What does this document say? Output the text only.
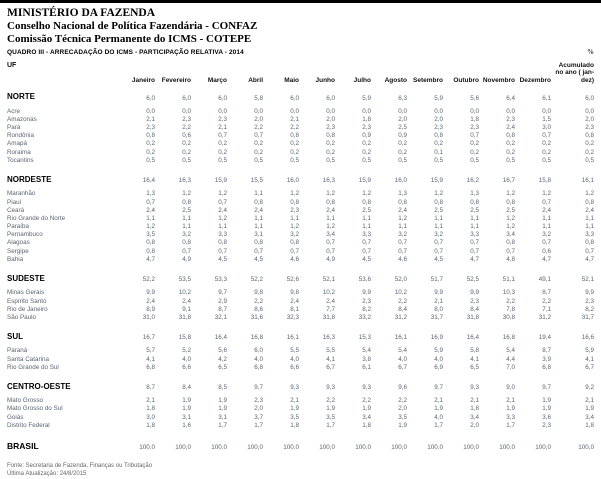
MINISTÉRIO DA FAZENDA
Conselho Nacional de Política Fazendária - CONFAZ
Comissão Técnica Permanente do ICMS - COTEPE
QUADRO III - ARRECADAÇÃO DO ICMS - PARTICIPAÇÃO RELATIVA - 2014	%
UF	Janeiro	Fevereiro	Março	Abril	Maio	Junho	Julho	Agosto	Setembro	Outubro	Novembro	Dezembro	Acumulado no ano ( jan-dez)
NORTE	6,0	6,0	6,0	5,8	6,0	6,0	5,9	6,3	5,9	5,6	6,4	6,1	6,0
Acre	0,0	0,0	0,0	0,0	0,0	0,0	0,0	0,0	0,0	0,0	0,0	0,0	0,0
Amazonas	2,1	2,3	2,3	2,0	2,1	2,0	1,8	2,0	2,0	1,8	2,3	1,5	2,0
Pará	2,3	2,2	2,1	2,2	2,2	2,3	2,3	2,5	2,3	2,3	2,4	3,0	2,3
Rondônia	0,8	0,6	0,7	0,7	0,8	0,8	0,9	0,9	0,8	0,7	0,8	0,7	0,8
Amapá	0,2	0,2	0,2	0,2	0,2	0,2	0,2	0,2	0,2	0,2	0,2	0,2	0,2
Roraima	0,2	0,2	0,2	0,2	0,2	0,2	0,2	0,2	0,1	0,2	0,2	0,2	0,2
Tocantins	0,5	0,5	0,5	0,5	0,5	0,5	0,5	0,5	0,5	0,5	0,5	0,5	0,5
NORDESTE	16,4	16,3	15,9	15,5	16,0	16,3	15,9	16,0	15,9	16,2	16,7	15,8	16,1
Maranhão	1,3	1,2	1,2	1,1	1,2	1,2	1,2	1,3	1,2	1,3	1,2	1,2	1,2
Piauí	0,7	0,8	0,7	0,8	0,8	0,8	0,8	0,8	0,8	0,8	0,8	0,7	0,8
Ceará	2,4	2,5	2,4	2,4	2,3	2,4	2,5	2,4	2,5	2,5	2,5	2,4	2,4
Rio Grande do Norte	1,1	1,1	1,2	1,1	1,1	1,1	1,1	1,2	1,1	1,1	1,2	1,1	1,1
Paraíba	1,2	1,1	1,1	1,1	1,2	1,2	1,1	1,1	1,1	1,1	1,2	1,1	1,1
Pernambuco	3,5	3,2	3,3	3,1	3,2	3,4	3,3	3,2	3,2	3,3	3,4	3,2	3,3
Alagoas	0,8	0,8	0,8	0,8	0,8	0,7	0,7	0,7	0,7	0,7	0,8	0,7	0,8
Sergipe	0,8	0,7	0,7	0,7	0,7	0,7	0,7	0,7	0,7	0,7	0,7	0,6	0,7
Bahia	4,7	4,9	4,5	4,5	4,6	4,9	4,5	4,6	4,5	4,7	4,8	4,7	4,7
SUDESTE	52,2	53,5	53,3	52,2	52,6	52,1	53,6	52,0	51,7	52,5	51,1	49,1	52,1
Minas Gerais	9,9	10,2	9,7	9,8	9,8	10,2	9,9	10,2	9,9	9,9	10,3	8,7	9,9
Espírito Santo	2,4	2,4	2,9	2,2	2,4	2,4	2,3	2,2	2,1	2,3	2,2	2,2	2,3
Rio de Janeiro	8,9	9,1	8,7	8,6	8,1	7,7	8,2	8,4	8,0	8,4	7,8	7,1	8,2
São Paulo	31,0	31,8	32,1	31,6	32,3	31,8	33,2	31,2	31,7	31,8	30,8	31,2	31,7
SUL	16,7	15,8	16,4	16,8	16,1	16,3	15,3	16,1	16,9	16,4	16,8	19,4	16,6
Paraná	5,7	5,2	5,6	6,0	5,5	5,5	5,4	5,4	5,9	5,8	5,4	8,7	5,9
Santa Catarina	4,1	4,0	4,2	4,0	4,0	4,1	3,8	4,0	4,0	4,1	4,4	3,9	4,1
Rio Grande do Sul	6,8	6,6	6,5	6,8	6,6	6,7	6,1	6,7	6,9	6,5	7,0	6,8	6,7
CENTRO-OESTE	8,7	8,4	8,5	9,7	9,3	9,3	9,3	9,6	9,7	9,3	9,0	9,7	9,2
Mato Grosso	2,1	1,9	1,9	2,3	2,1	2,2	2,2	2,2	2,1	2,1	2,1	1,9	2,1
Mato Grosso do Sul	1,8	1,9	1,9	2,0	1,9	1,9	1,9	2,0	1,9	1,8	1,9	1,9	1,9
Goiás	3,0	3,1	3,1	3,7	3,5	3,5	3,4	3,5	4,0	3,4	3,3	3,6	3,4
Distrito Federal	1,8	1,6	1,7	1,7	1,8	1,7	1,8	1,9	1,7	2,0	1,7	2,3	1,8
BRASIL	100,0	100,0	100,0	100,0	100,0	100,0	100,0	100,0	100,0	100,0	100,0	100,0	100,0
Fonte: Secretaria de Fazenda, Finanças ou Tributação
Última Atualização: 24/8/2015
